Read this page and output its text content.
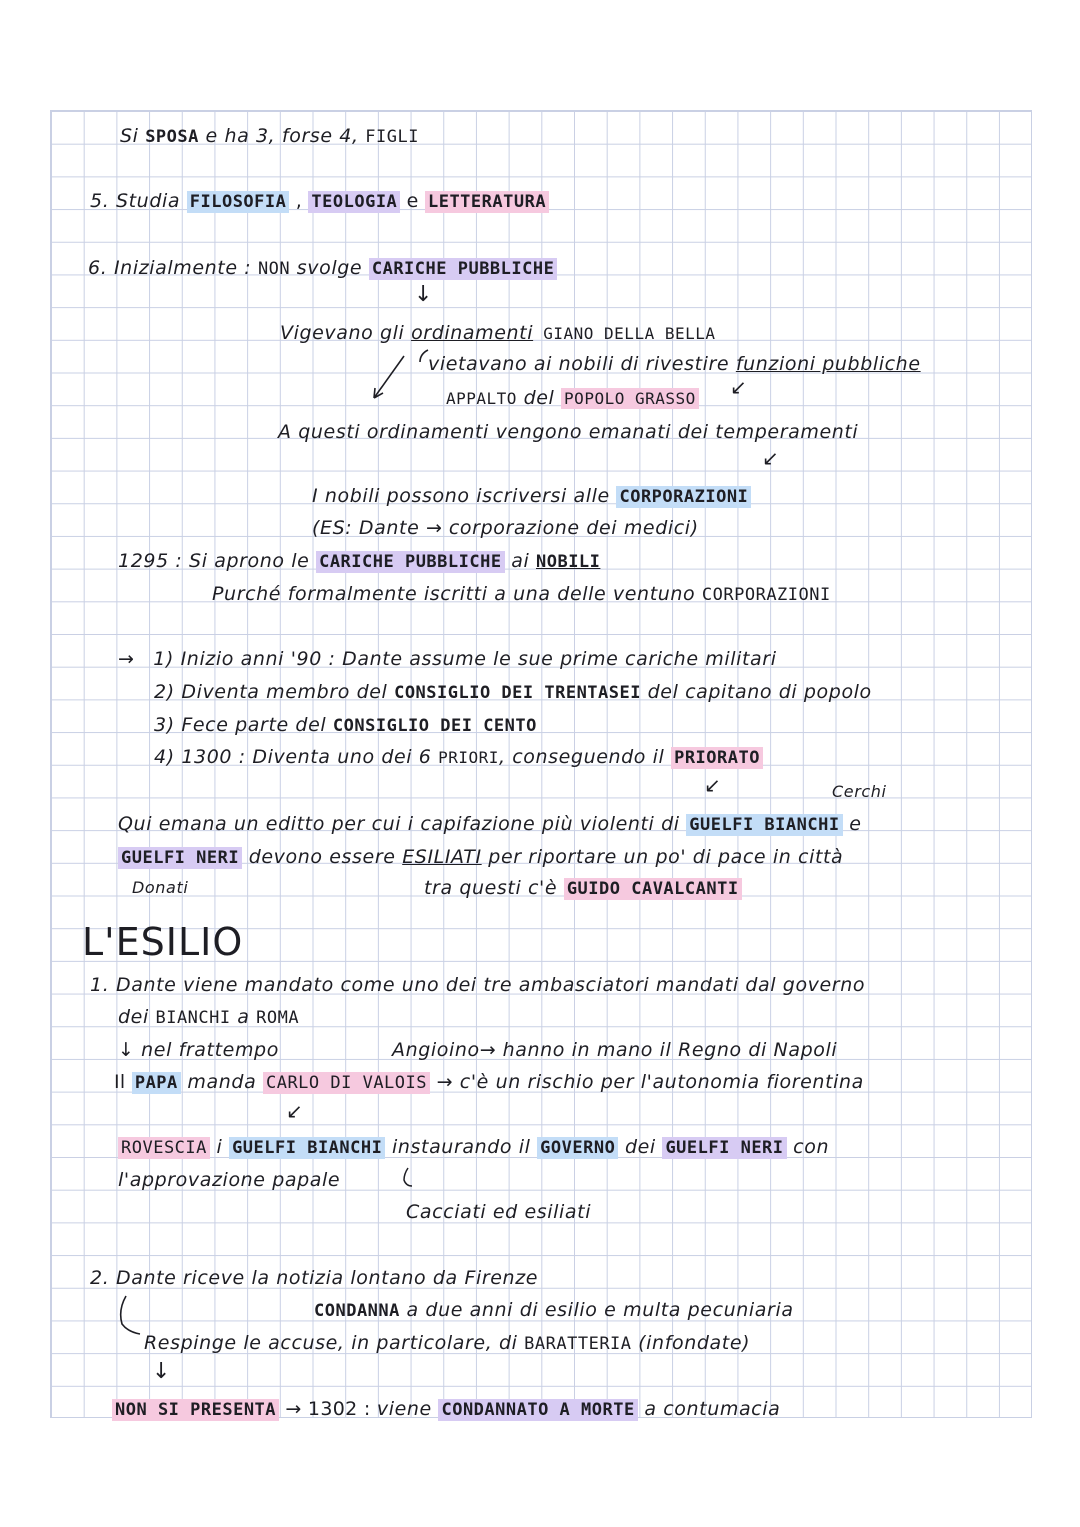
Si SPOSA e ha 3, forse 4, FIGLI
5. Studia FILOSOFIA , TEOLOGIA e LETTERATURA
6. Inizialmente : NON svolge CARICHE PUBBLICHE
↓
Vigevano gli ordinamenti GIANO DELLA BELLA
vietavano ai nobili di rivestire funzioni pubbliche
APPALTO del POPOLO GRASSO ↙
A questi ordinamenti vengono emanati dei temperamenti
↙
I nobili possono iscriversi alle CORPORAZIONI
(ES: Dante → corporazione dei medici)
1295 : Si aprono le CARICHE PUBBLICHE ai NOBILI
Purché formalmente iscritti a una delle ventuno CORPORAZIONI
→ 1) Inizio anni '90 : Dante assume le sue prime cariche militari
2) Diventa membro del CONSIGLIO DEI TRENTASEI del capitano di popolo
3) Fece parte del CONSIGLIO DEI CENTO
4) 1300 : Diventa uno dei 6 PRIORI, conseguendo il PRIORATO
↙	Cerchi
Qui emana un editto per cui i capifazione più violenti di GUELFI BIANCHI e
GUELFI NERI devono essere ESILIATI per riportare un po' di pace in città
Donati	tra questi c'è GUIDO CAVALCANTI
L'ESILIO
1. Dante viene mandato come uno dei tre ambasciatori mandati dal governo
dei BIANCHI a ROMA
↓ nel frattempo	Angioino→ hanno in mano il Regno di Napoli
Il PAPA manda CARLO DI VALOIS → c'è un rischio per l'autonomia fiorentina
↙
ROVESCIA i GUELFI BIANCHI instaurando il GOVERNO dei GUELFI NERI con
l'approvazione papale
Cacciati ed esiliati
2. Dante riceve la notizia lontano da Firenze
CONDANNA a due anni di esilio e multa pecuniaria
Respinge le accuse, in particolare, di BARATTERIA (infondate)
↓
NON SI PRESENTA → 1302 : viene CONDANNATO A MORTE a contumacia
